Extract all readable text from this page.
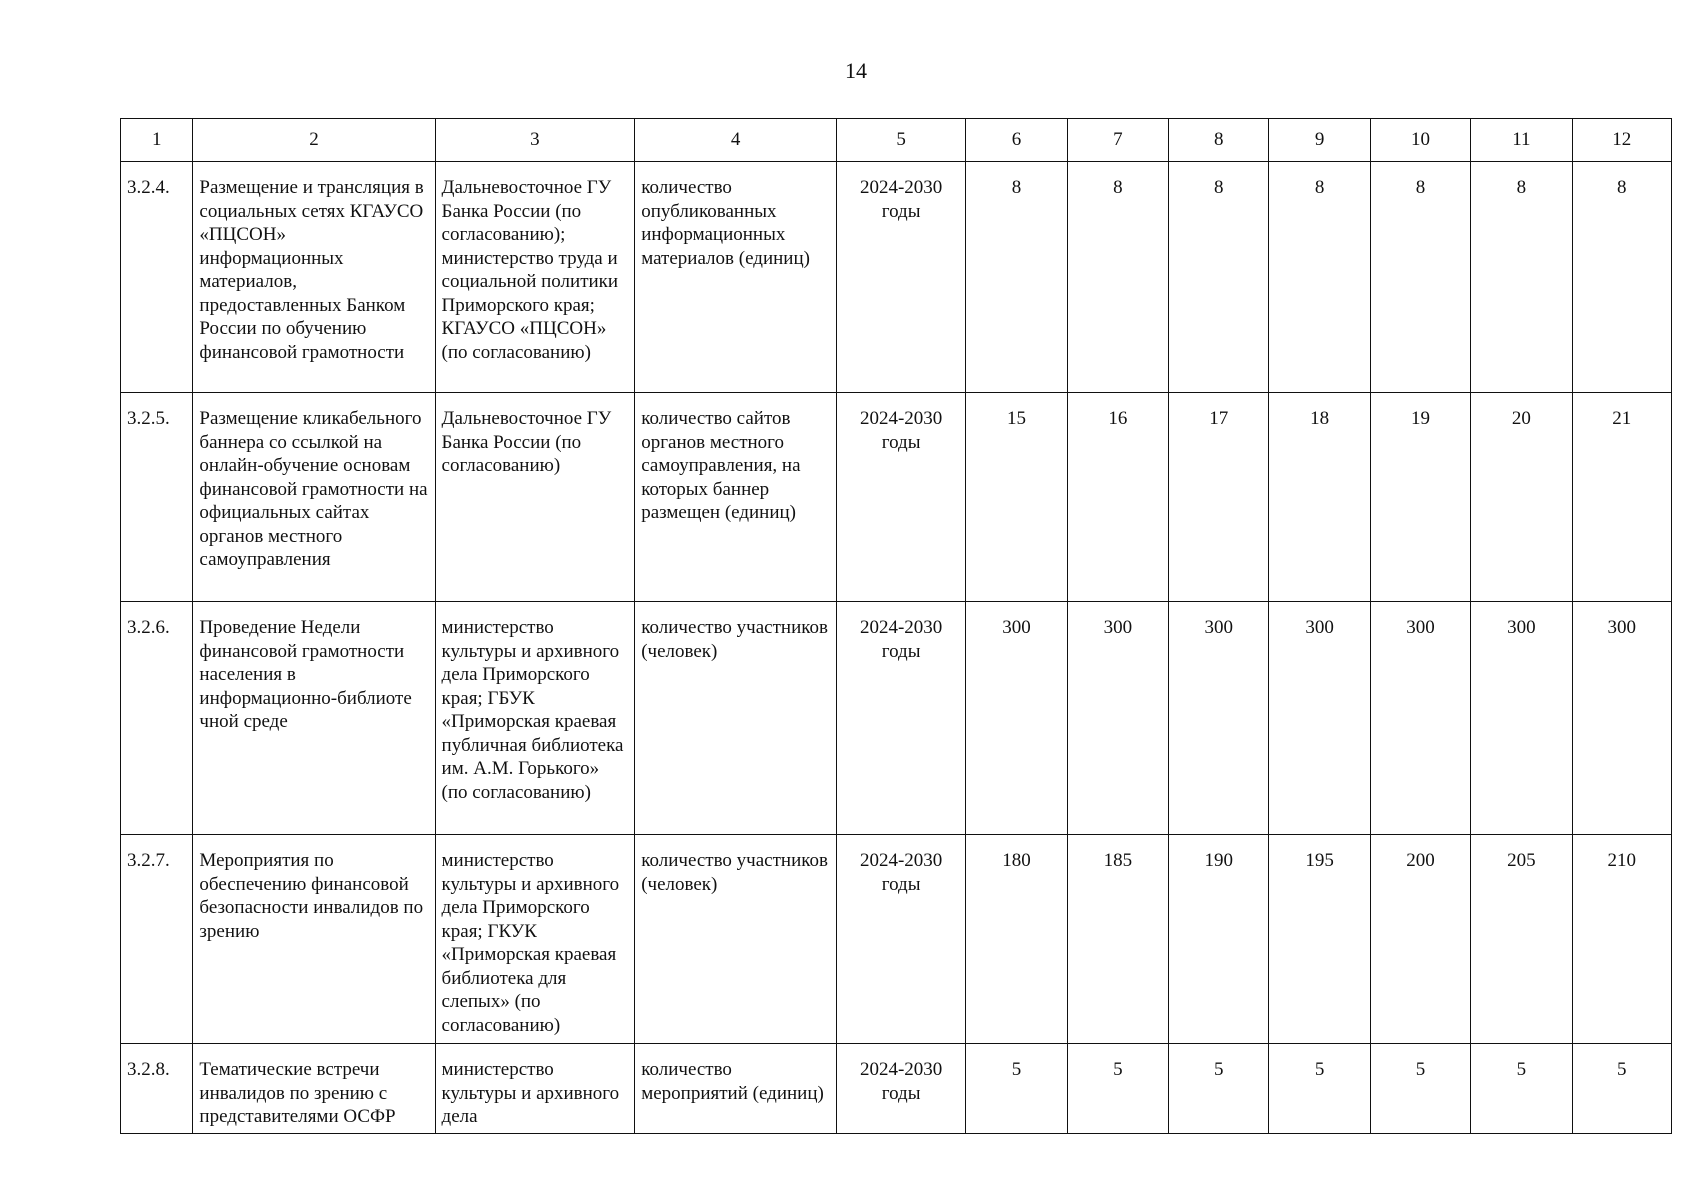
14
1	2	3	4	5	6	7	8	9	10	11	12
3.2.4.	Размещение и трансляция в социальных сетях КГАУСО «ПЦСОН» информационных материалов, предоставленных Банком России по обучению финансовой грамотности	Дальневосточное ГУ Банка России (по согласованию); министерство труда и социальной политики Приморского края; КГАУСО «ПЦСОН» (по согласованию)	количество опубликованных информационных материалов (единиц)	2024-2030 годы	8	8	8	8	8	8	8
3.2.5.	Размещение кликабельного баннера со ссылкой на онлайн-обучение основам финансовой грамотности на официальных сайтах органов местного самоуправления	Дальневосточное ГУ Банка России (по согласованию)	количество сайтов органов местного самоуправления, на которых баннер размещен (единиц)	2024-2030 годы	15	16	17	18	19	20	21
3.2.6.	Проведение Недели финансовой грамотности населения в информационно-библиоте чной среде	министерство культуры и архивного дела Приморского края; ГБУК «Приморская краевая публичная библиотека им. А.М. Горького» (по согласованию)	количество участников (человек)	2024-2030 годы	300	300	300	300	300	300	300
3.2.7.	Мероприятия по обеспечению финансовой безопасности инвалидов по зрению	министерство культуры и архивного дела Приморского края; ГКУК «Приморская краевая библиотека для слепых» (по согласованию)	количество участников (человек)	2024-2030 годы	180	185	190	195	200	205	210
3.2.8.	Тематические встречи инвалидов по зрению с представителями ОСФР	министерство культуры и архивного дела	количество мероприятий (единиц)	2024-2030 годы	5	5	5	5	5	5	5
